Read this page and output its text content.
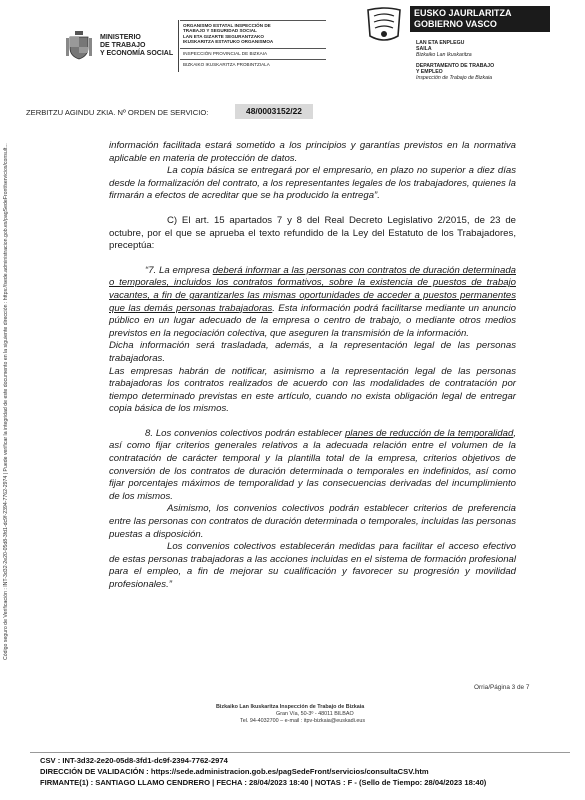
Código seguro de Verificación : INT-3d32-2e20-05d8-3fd1-dc9f-2394-7762-2974 | Puede verificar la integridad de este documento en la siguiente dirección : https://sede.administracion.gob.es/pagSedeFront/servicios/consult...
MINISTERIO
DE TRABAJO
Y ECONOMÍA SOCIAL
ORGANISMO ESTATAL INSPECCIÓN DE
TRABAJO Y SEGURIDAD SOCIAL
LAN ETA GIZARTE SEGURANTZAKO
IKUSKARITZA ESTATUKO ORGANISMOA
INSPECCIÓN PROVINCIAL DE BIZKAIA
BIZKAIKO IKUSKARITZA PROBINTZIALA
EUSKO JAURLARITZA
GOBIERNO VASCO
LAN ETA ENPLEGU
SAILA
Bizkaiko Lan Ikuskaritza
DEPARTAMENTO DE TRABAJO
Y EMPLEO
Inspección de Trabajo de Bizkaia
ZERBITZU AGINDU ZKIA. Nº ORDEN DE SERVICIO:	48/0003152/22

información facilitada estará sometido a los principios y garantías previstos en la normativa aplicable en materia de protección de datos.

La copia básica se entregará por el empresario, en plazo no superior a diez días desde la formalización del contrato, a los representantes legales de los trabajadores, quienes la firmarán a efectos de acreditar que se ha producido la entrega”.

C) El art. 15 apartados 7 y 8 del Real Decreto Legislativo 2/2015, de 23 de octubre, por el que se aprueba el texto refundido de la Ley del Estatuto de los Trabajadores, preceptúa:

“7. La empresa deberá informar a las personas con contratos de duración determinada o temporales, incluidos los contratos formativos, sobre la existencia de puestos de trabajo vacantes, a fin de garantizarles las mismas oportunidades de acceder a puestos permanentes que las demás personas trabajadoras. Esta información podrá facilitarse mediante un anuncio público en un lugar adecuado de la empresa o centro de trabajo, o mediante otros medios previstos en la negociación colectiva, que aseguren la transmisión de la información.

Dicha información será trasladada, además, a la representación legal de las personas trabajadoras.

Las empresas habrán de notificar, asimismo a la representación legal de las personas trabajadoras los contratos realizados de acuerdo con las modalidades de contratación por tiempo determinado previstas en este artículo, cuando no exista obligación legal de entregar copia básica de los mismos.

8. Los convenios colectivos podrán establecer planes de reducción de la temporalidad, así como fijar criterios generales relativos a la adecuada relación entre el volumen de la contratación de carácter temporal y la plantilla total de la empresa, criterios objetivos de conversión de los contratos de duración determinada o temporales en indefinidos, así como fijar porcentajes máximos de temporalidad y las consecuencias derivadas del incumplimiento de los mismos.

Asimismo, los convenios colectivos podrán establecer criterios de preferencia entre las personas con contratos de duración determinada o temporales, incluidas las personas puestas a disposición.

Los convenios colectivos establecerán medidas para facilitar el acceso efectivo de estas personas trabajadoras a las acciones incluidas en el sistema de formación profesional para el empleo, a fin de mejorar su cualificación y favorecer su progresión y movilidad profesionales.”

Orria/Página 3 de 7
Bizkaiko Lan Ikuskaritza Inspección de Trabajo de Bizkaia
Gran Vía, 50-3º - 48011 BILBAO
Tel. 94-4032700 – e-mail : itpv-bizkaia@euskadi.eus
CSV : INT-3d32-2e20-05d8-3fd1-dc9f-2394-7762-2974
DIRECCIÓN DE VALIDACIÓN : https://sede.administracion.gob.es/pagSedeFront/servicios/consultaCSV.htm
FIRMANTE(1) : SANTIAGO LLAMO CENDRERO | FECHA : 28/04/2023 18:40 | NOTAS : F - (Sello de Tiempo: 28/04/2023 18:40)
